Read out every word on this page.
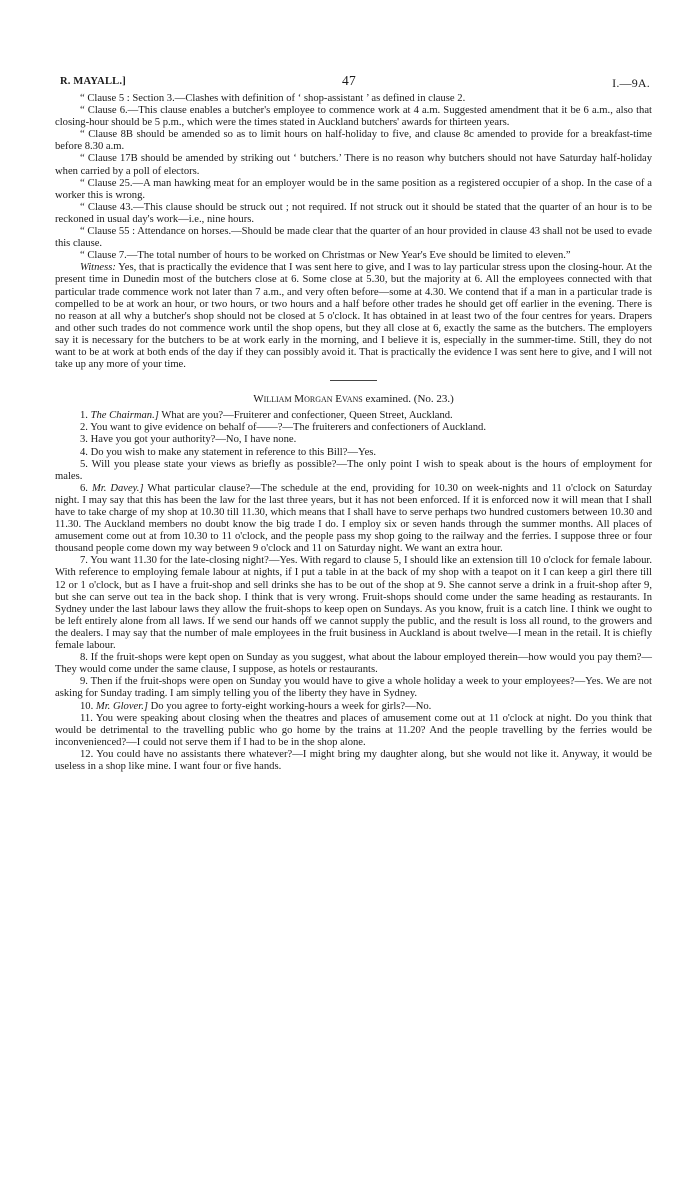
R. MAYALL.]	47	I.—9A.

“ Clause 5 : Section 3.—Clashes with definition of ‘ shop-assistant ’ as defined in clause 2.

“ Clause 6.—This clause enables a butcher's employee to commence work at 4 a.m. Suggested amendment that it be 6 a.m., also that closing-hour should be 5 p.m., which were the times stated in Auckland butchers' awards for thirteen years.

“ Clause 8B should be amended so as to limit hours on half-holiday to five, and clause 8c amended to provide for a breakfast-time before 8.30 a.m.

“ Clause 17B should be amended by striking out ‘ butchers.’ There is no reason why butchers should not have Saturday half-holiday when carried by a poll of electors.

“ Clause 25.—A man hawking meat for an employer would be in the same position as a registered occupier of a shop. In the case of a worker this is wrong.

“ Clause 43.—This clause should be struck out ; not required. If not struck out it should be stated that the quarter of an hour is to be reckoned in usual day's work—i.e., nine hours.

“ Clause 55 : Attendance on horses.—Should be made clear that the quarter of an hour provided in clause 43 shall not be used to evade this clause.

“ Clause 7.—The total number of hours to be worked on Christmas or New Year's Eve should be limited to eleven.”

Witness: Yes, that is practically the evidence that I was sent here to give, and I was to lay particular stress upon the closing-hour. At the present time in Dunedin most of the butchers close at 6. Some close at 5.30, but the majority at 6. All the employees connected with that particular trade commence work not later than 7 a.m., and very often before—some at 4.30. We contend that if a man in a particular trade is compelled to be at work an hour, or two hours, or two hours and a half before other trades he should get off earlier in the evening. There is no reason at all why a butcher's shop should not be closed at 5 o'clock. It has obtained in at least two of the four centres for years. Drapers and other such trades do not commence work until the shop opens, but they all close at 6, exactly the same as the butchers. The employers say it is necessary for the butchers to be at work early in the morning, and I believe it is, especially in the summer-time. Still, they do not want to be at work at both ends of the day if they can possibly avoid it. That is practically the evidence I was sent here to give, and I will not take up any more of your time.

William Morgan Evans examined. (No. 23.)

1. The Chairman.] What are you?—Fruiterer and confectioner, Queen Street, Auckland.

2. You want to give evidence on behalf of——?—The fruiterers and confectioners of Auckland.

3. Have you got your authority?—No, I have none.

4. Do you wish to make any statement in reference to this Bill?—Yes.

5. Will you please state your views as briefly as possible?—The only point I wish to speak about is the hours of employment for males.

6. Mr. Davey.] What particular clause?—The schedule at the end, providing for 10.30 on week-nights and 11 o'clock on Saturday night. I may say that this has been the law for the last three years, but it has not been enforced. If it is enforced now it will mean that I shall have to take charge of my shop at 10.30 till 11.30, which means that I shall have to serve perhaps two hundred customers between 10.30 and 11.30. The Auckland members no doubt know the big trade I do. I employ six or seven hands through the summer months. All places of amusement come out at from 10.30 to 11 o'clock, and the people pass my shop going to the railway and the ferries. I suppose three or four thousand people come down my way between 9 o'clock and 11 on Saturday night. We want an extra hour.

7. You want 11.30 for the late-closing night?—Yes. With regard to clause 5, I should like an extension till 10 o'clock for female labour. With reference to employing female labour at nights, if I put a table in at the back of my shop with a teapot on it I can keep a girl there till 12 or 1 o'clock, but as I have a fruit-shop and sell drinks she has to be out of the shop at 9. She cannot serve a drink in a fruit-shop after 9, but she can serve out tea in the back shop. I think that is very wrong. Fruit-shops should come under the same heading as restaurants. In Sydney under the last labour laws they allow the fruit-shops to keep open on Sundays. As you know, fruit is a catch line. I think we ought to be left entirely alone from all laws. If we send our hands off we cannot supply the public, and the result is loss all round, to the growers and the dealers. I may say that the number of male employees in the fruit business in Auckland is about twelve—I mean in the retail. It is chiefly female labour.

8. If the fruit-shops were kept open on Sunday as you suggest, what about the labour employed therein—how would you pay them?—They would come under the same clause, I suppose, as hotels or restaurants.

9. Then if the fruit-shops were open on Sunday you would have to give a whole holiday a week to your employees?—Yes. We are not asking for Sunday trading. I am simply telling you of the liberty they have in Sydney.

10. Mr. Glover.] Do you agree to forty-eight working-hours a week for girls?—No.

11. You were speaking about closing when the theatres and places of amusement come out at 11 o'clock at night. Do you think that would be detrimental to the travelling public who go home by the trains at 11.20? And the people travelling by the ferries would be inconvenienced?—I could not serve them if I had to be in the shop alone.

12. You could have no assistants there whatever?—I might bring my daughter along, but she would not like it. Anyway, it would be useless in a shop like mine. I want four or five hands.
